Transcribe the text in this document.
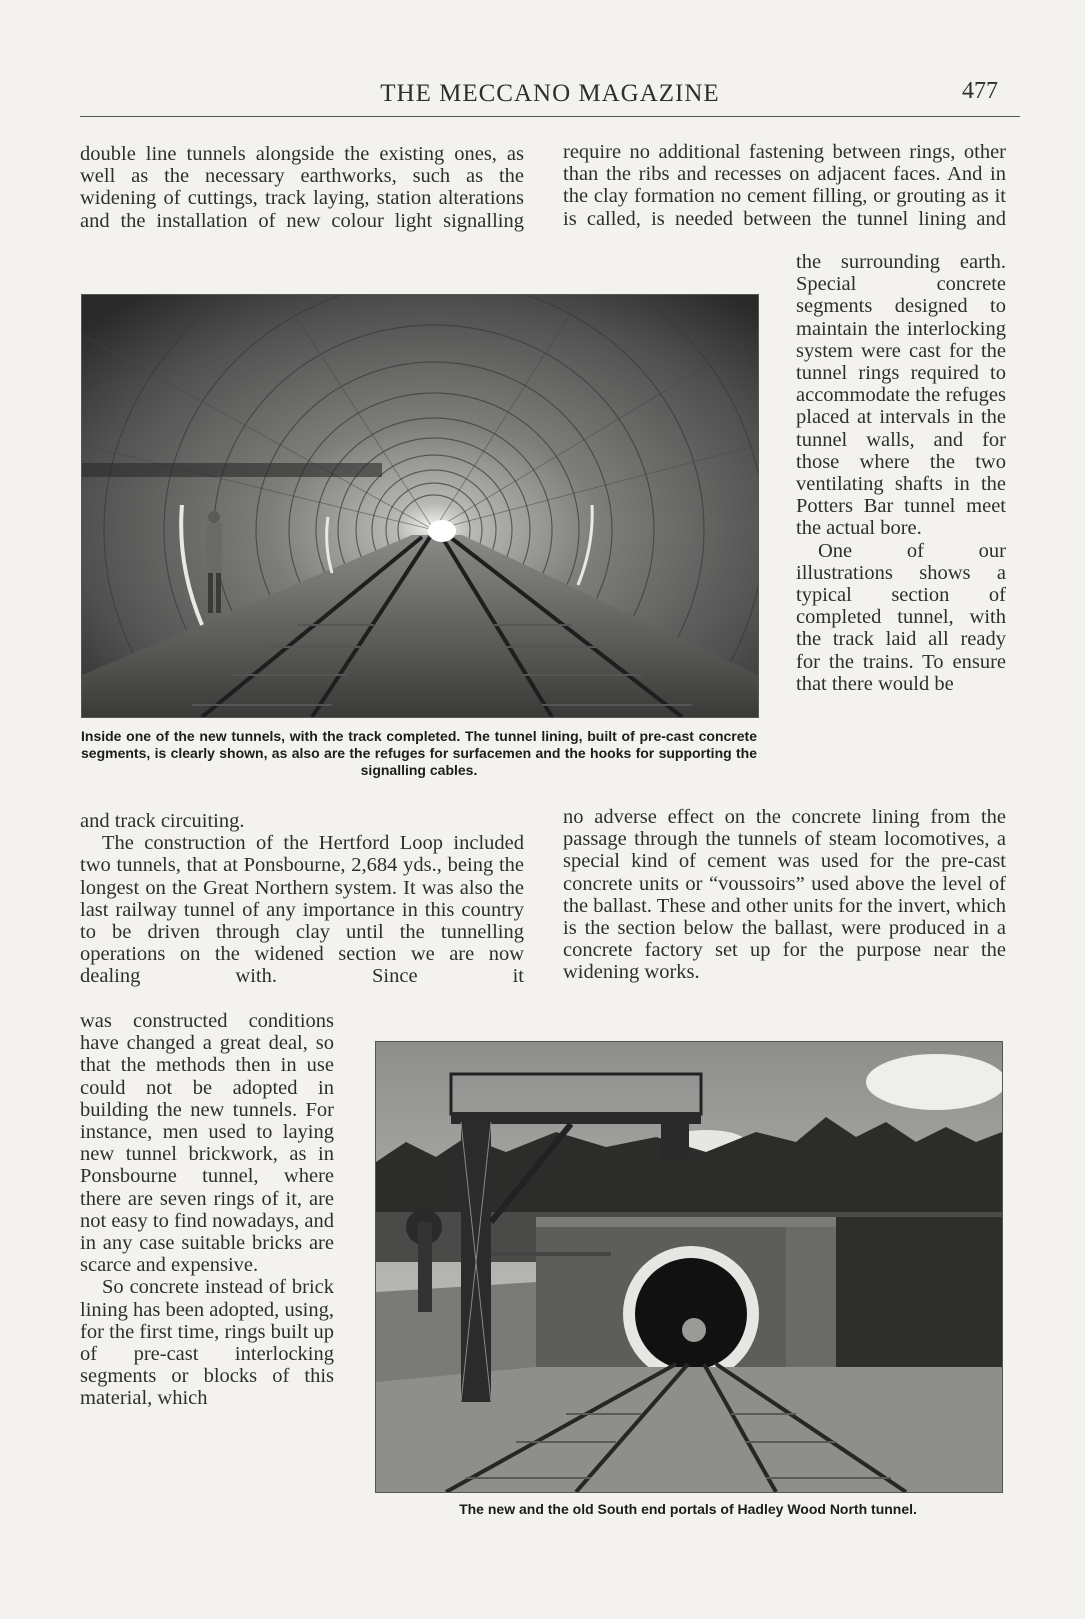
THE MECCANO MAGAZINE	477

double line tunnels alongside the existing ones, as well as the necessary earthworks, such as the widening of cuttings, track laying, station alterations and the installation of new colour light signalling

require no additional fastening between rings, other than the ribs and recesses on adjacent faces. And in the clay formation no cement filling, or grouting as it is called, is needed between the tunnel lining and

the surrounding earth. Special concrete segments designed to maintain the interlocking system were cast for the tunnel rings required to accommodate the refuges placed at intervals in the tunnel walls, and for those where the two ventilating shafts in the Potters Bar tunnel meet the actual bore.

One of our illustrations shows a typical section of completed tunnel, with the track laid all ready for the trains. To ensure that there would be

Inside one of the new tunnels, with the track completed. The tunnel lining, built of pre-cast concrete segments, is clearly shown, as also are the refuges for surfacemen and the hooks for supporting the signalling cables.

and track circuiting.

The construction of the Hertford Loop included two tunnels, that at Ponsbourne, 2,684 yds., being the longest on the Great Northern system. It was also the last railway tunnel of any importance in this country to be driven through clay until the tunnelling operations on the widened section we are now dealing with. Since it

no adverse effect on the concrete lining from the passage through the tunnels of steam locomotives, a special kind of cement was used for the pre-cast concrete units or “voussoirs” used above the level of the ballast. These and other units for the invert, which is the section below the ballast, were produced in a concrete factory set up for the purpose near the widening works.

was constructed conditions have changed a great deal, so that the methods then in use could not be adopted in building the new tunnels. For instance, men used to laying new tunnel brickwork, as in Ponsbourne tunnel, where there are seven rings of it, are not easy to find nowadays, and in any case suitable bricks are scarce and expensive.

So concrete instead of brick lining has been adopted, using, for the first time, rings built up of pre-cast interlocking segments or blocks of this material, which

The new and the old South end portals of Hadley Wood North tunnel.
